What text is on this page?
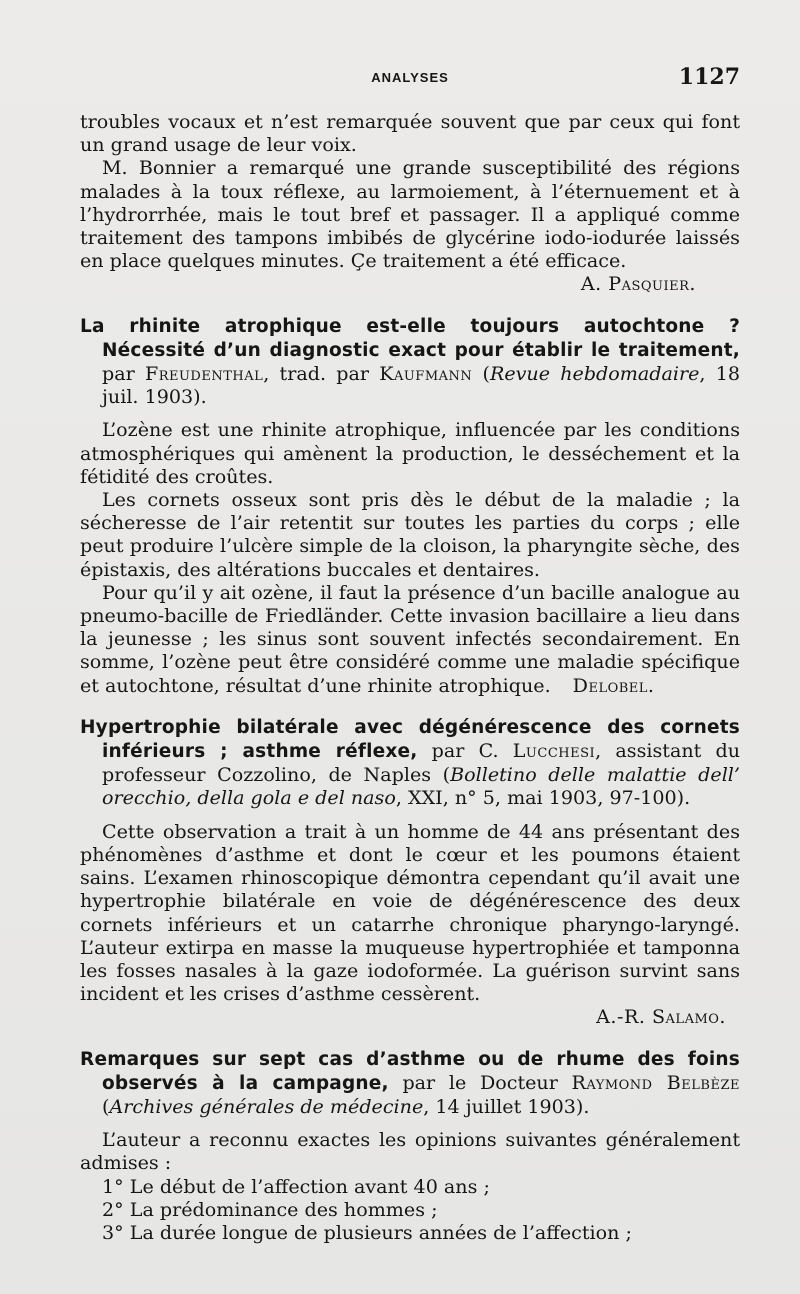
ANALYSES	1127

troubles vocaux et n’est remarquée souvent que par ceux qui font un grand usage de leur voix.

M. Bonnier a remarqué une grande susceptibilité des régions malades à la toux réflexe, au larmoiement, à l’éternuement et à l’hydrorrhée, mais le tout bref et passager. Il a appliqué comme traitement des tampons imbibés de glycérine iodo-iodurée laissés en place quelques minutes. Çe traitement a été efficace.

A. Pasquier.

La rhinite atrophique est-elle toujours autochtone ? Nécessité d’un diagnostic exact pour établir le traitement, par Freudenthal, trad. par Kaufmann (Revue hebdomadaire, 18 juil. 1903).

L’ozène est une rhinite atrophique, influencée par les conditions atmosphériques qui amènent la production, le desséchement et la fétidité des croûtes.

Les cornets osseux sont pris dès le début de la maladie ; la sécheresse de l’air retentit sur toutes les parties du corps ; elle peut produire l’ulcère simple de la cloison, la pharyngite sèche, des épistaxis, des altérations buccales et dentaires.

Pour qu’il y ait ozène, il faut la présence d’un bacille analogue au pneumo-bacille de Friedländer. Cette invasion bacillaire a lieu dans la jeunesse ; les sinus sont souvent infectés secondairement. En somme, l’ozène peut être considéré comme une maladie spécifique et autochtone, résultat d’une rhinite atrophique. Delobel.

Hypertrophie bilatérale avec dégénérescence des cornets inférieurs ; asthme réflexe, par C. Lucchesi, assistant du professeur Cozzolino, de Naples (Bolletino delle malattie dell’ orecchio, della gola e del naso, XXI, n° 5, mai 1903, 97-100).

Cette observation a trait à un homme de 44 ans présentant des phénomènes d’asthme et dont le cœur et les poumons étaient sains. L’examen rhinoscopique démontra cependant qu’il avait une hypertrophie bilatérale en voie de dégénérescence des deux cornets inférieurs et un catarrhe chronique pharyngo-laryngé. L’auteur extirpa en masse la muqueuse hypertrophiée et tamponna les fosses nasales à la gaze iodoformée. La guérison survint sans incident et les crises d’asthme cessèrent.

A.-R. Salamo.

Remarques sur sept cas d’asthme ou de rhume des foins observés à la campagne, par le Docteur Raymond Belbèze (Archives générales de médecine, 14 juillet 1903).

L’auteur a reconnu exactes les opinions suivantes généralement admises :

1° Le début de l’affection avant 40 ans ;
2° La prédominance des hommes ;
3° La durée longue de plusieurs années de l’affection ;
